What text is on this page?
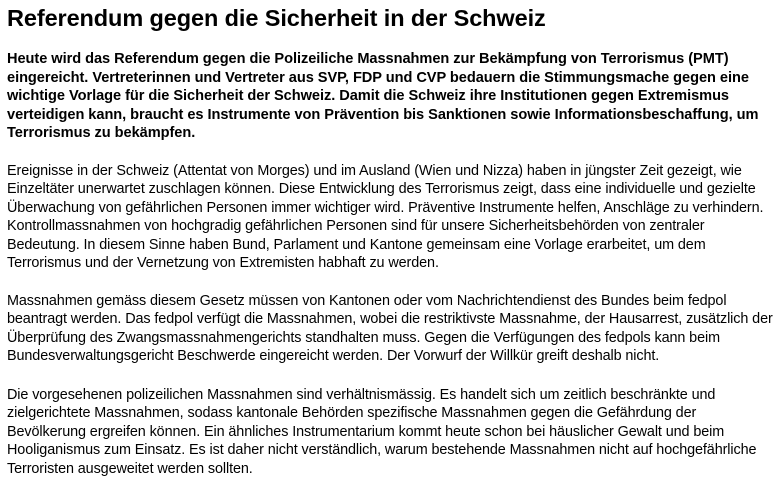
Referendum gegen die Sicherheit in der Schweiz

Heute wird das Referendum gegen die Polizeiliche Massnahmen zur Bekämpfung von Terrorismus (PMT) eingereicht. Vertreterinnen und Vertreter aus SVP, FDP und CVP bedauern die Stimmungsmache gegen eine wichtige Vorlage für die Sicherheit der Schweiz. Damit die Schweiz ihre Institutionen gegen Extremismus verteidigen kann, braucht es Instrumente von Prävention bis Sanktionen sowie Informationsbeschaffung, um Terrorismus zu bekämpfen.

Ereignisse in der Schweiz (Attentat von Morges) und im Ausland (Wien und Nizza) haben in jüngster Zeit gezeigt, wie Einzeltäter unerwartet zuschlagen können. Diese Entwicklung des Terrorismus zeigt, dass eine individuelle und gezielte Überwachung von gefährlichen Personen immer wichtiger wird. Präventive Instrumente helfen, Anschläge zu verhindern. Kontrollmassnahmen von hochgradig gefährlichen Personen sind für unsere Sicherheitsbehörden von zentraler Bedeutung. In diesem Sinne haben Bund, Parlament und Kantone gemeinsam eine Vorlage erarbeitet, um dem Terrorismus und der Vernetzung von Extremisten habhaft zu werden.

Massnahmen gemäss diesem Gesetz müssen von Kantonen oder vom Nachrichtendienst des Bundes beim fedpol beantragt werden. Das fedpol verfügt die Massnahmen, wobei die restriktivste Massnahme, der Hausarrest, zusätzlich der Überprüfung des Zwangsmassnahmengerichts standhalten muss. Gegen die Verfügungen des fedpols kann beim Bundesverwaltungsgericht Beschwerde eingereicht werden. Der Vorwurf der Willkür greift deshalb nicht.

Die vorgesehenen polizeilichen Massnahmen sind verhältnismässig. Es handelt sich um zeitlich beschränkte und zielgerichtete Massnahmen, sodass kantonale Behörden spezifische Massnahmen gegen die Gefährdung der Bevölkerung ergreifen können. Ein ähnliches Instrumentarium kommt heute schon bei häuslicher Gewalt und beim Hooliganismus zum Einsatz. Es ist daher nicht verständlich, warum bestehende Massnahmen nicht auf hochgefährliche Terroristen ausgeweitet werden sollten.
